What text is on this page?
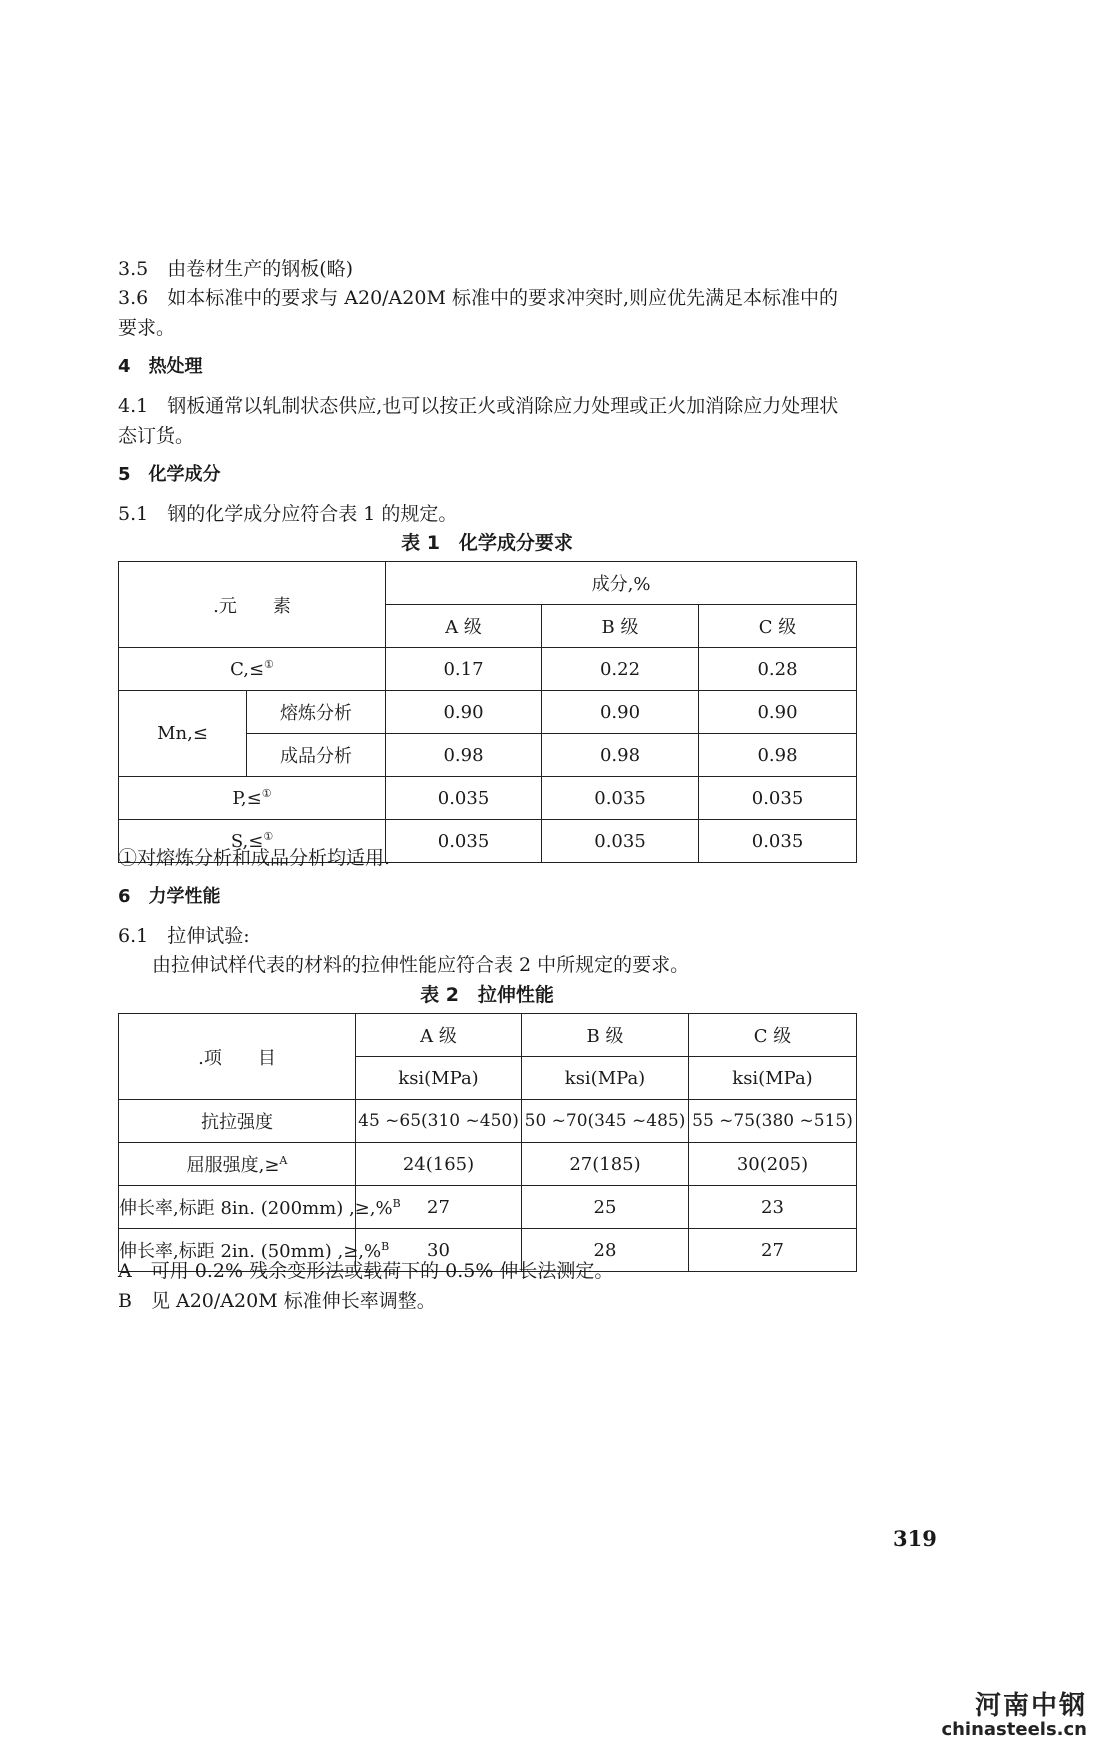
3.5　由卷材生产的钢板(略)
3.6　如本标准中的要求与 A20/A20M 标准中的要求冲突时,则应优先满足本标准中的
要求。
4　热处理
4.1　钢板通常以轧制状态供应,也可以按正火或消除应力处理或正火加消除应力处理状
态订货。
5　化学成分
5.1　钢的化学成分应符合表 1 的规定。
表 1　化学成分要求
.元　　素		成分,%		
		A 级	B 级	C 级
C,≤①		0.17	0.22	0.28
Mn,≤	熔炼分析	0.90	0.90	0.90
	成品分析	0.98	0.98	0.98
P,≤①		0.035	0.035	0.035
S,≤①		0.035	0.035	0.035
①对熔炼分析和成品分析均适用.
6　力学性能
6.1　拉伸试验:
由拉伸试样代表的材料的拉伸性能应符合表 2 中所规定的要求。
表 2　拉伸性能
.项　　目	A 级	B 级	C 级
	ksi(MPa)	ksi(MPa)	ksi(MPa)
抗拉强度	45 ~65(310 ~450)	50 ~70(345 ~485)	55 ~75(380 ~515)
屈服强度,≥$^A$	24(165)	27(185)	30(205)
伸长率,标距 8in. (200mm) ,≥,%$^B$	27	25	23
伸长率,标距 2in. (50mm) ,≥,%$^B$	30	28	27
A　可用 0.2% 残余变形法或载荷下的 0.5% 伸长法测定。
B　见 A20/A20M 标准伸长率调整。
319
河南中钢
chinasteels.cn
